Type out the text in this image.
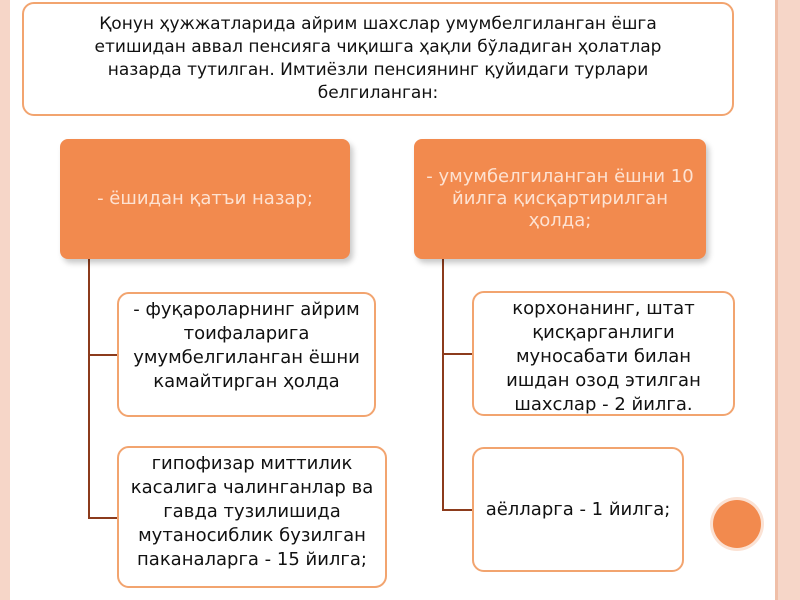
Қонун ҳужжатларида айрим шахслар умумбелгиланган ёшга етишидан аввал пенсияга чиқишга ҳақли бўладиган ҳолатлар назарда тутилган. Имтиёзли пенсиянинг қуйидаги турлари белгиланган:
- ёшидан қатъи назар;
- умумбелгиланган ёшни 10 йилга қисқартирилган ҳолда;
- фуқароларнинг айрим тоифаларига умумбелгиланган ёшни камайтирган ҳолда
гипофизар миттилик касалига чалинганлар ва гавда тузилишида мутаносиблик бузилган паканаларга - 15 йилга;
корхонанинг, штат қисқарганлиги муносабати билан ишдан озод этилган шахслар - 2 йилга.
аёлларга - 1 йилга;
